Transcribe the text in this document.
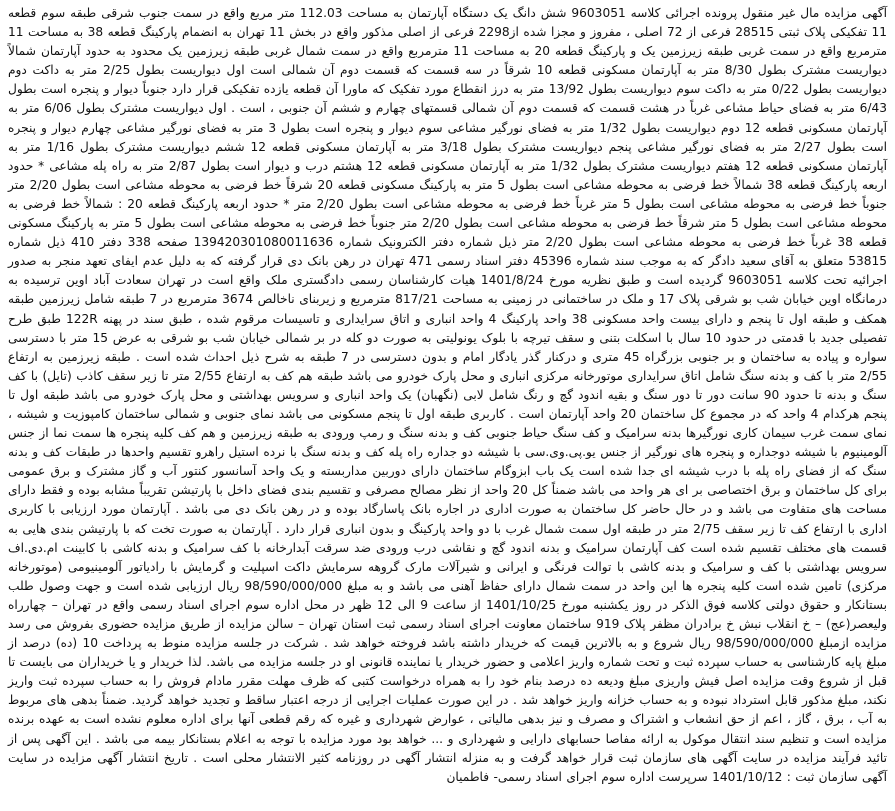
آگهی مزایده مال غیر منقول پرونده اجرائی کلاسه 9603051 شش دانگ یک دستگاه آپارتمان به مساحت 112.03 متر مربع واقع در سمت جنوب شرقی طبقه سوم قطعه 11 تفکیکی پلاک ثبتی 28515 فرعی از 72 اصلی ، مفروز و مجزا شده از2298 فرعی از اصلی مذکور واقع در بخش 11 تهران به انضمام پارکینگ قطعه 38 به مساحت 11 مترمربع واقع در سمت غربی طبقه زیرزمین یک و پارکینگ قطعه 20 به مساحت 11 مترمربع واقع در سمت شمال غربی طبقه زیرزمین یک محدود به حدود آپارتمان شمالاً دیواریست مشترک بطول 8/30 متر به آپارتمان مسکونی قطعه 10 شرقاً در سه قسمت که قسمت دوم آن شمالی است اول دیواریست بطول 2/25 متر به داکت دوم دیواریست بطول 0/22 متر به داکت سوم دیواریست بطول 13/92 متر به درز انقطاع مورد تفکیک که ماورا آن قطعه یازده تفکیکی قرار دارد جنوباً دیوار و پنجره است بطول 6/43 متر به فضای حیاط مشاعی غرباً در هشت قسمت که قسمت دوم آن شمالی قسمتهای چهارم و ششم آن جنوبی ، است . اول دیواریست مشترک بطول 6/06 متر به آپارتمان مسکونی قطعه 12 دوم دیواریست بطول 1/32 متر به فضای نورگیر مشاعی سوم دیوار و پنجره است بطول 3 متر به فضای نورگیر مشاعی چهارم دیوار و پنجره است بطول 2/27 متر به فضای نورگیر مشاعی پنجم دیواریست مشترک بطول 3/18 متر به آپارتمان مسکونی قطعه 12 ششم دیواریست مشترک بطول 1/16 متر به آپارتمان مسکونی قطعه 12 هفتم دیواریست مشترک بطول 1/32 متر به آپارتمان مسکونی قطعه 12 هشتم درب و دیوار است بطول 2/87 متر به راه پله مشاعی * حدود اربعه پارکینگ قطعه 38 شمالاً خط فرضی به محوطه مشاعی است بطول 5 متر به پارکینگ مسکونی قطعه 20 شرقاً خط فرضی به محوطه مشاعی است بطول 2/20 متر جنوباً خط فرضی به محوطه مشاعی است بطول 5 متر غرباً خط فرضی به محوطه مشاعی است بطول 2/20 متر * حدود اربعه پارکینگ قطعه 20 : شمالاً خط فرضی به محوطه مشاعی است بطول 5 متر شرقاً خط فرضی به محوطه مشاعی است بطول 2/20 متر جنوباً خط فرضی به محوطه مشاعی است بطول 5 متر به پارکینگ مسکونی قطعه 38 غرباً خط فرضی به محوطه مشاعی است بطول 2/20 متر ذیل شماره دفتر الکترونیک شماره 139420301080011636 صفحه 338 دفتر 410 ذیل شماره 53815 متعلق به آقای سعید دادگر که به موجب سند شماره 45396 دفتر اسناد رسمی 471 تهران در رهن بانک دی قرار گرفته که به دلیل عدم ایفای تعهد منجر به صدور اجرائیه تحت کلاسه 9603051 گردیده است و طبق نظریه مورخ 1401/8/24 هیات کارشناسان رسمی دادگستری ملک واقع است در تهران سعادت آباد اوین ترسیده به درمانگاه اوین خیابان شب بو شرقی پلاک 17 و ملک در ساختمانی در زمینی به مساحت 817/21 مترمربع و زیربنای ناخالص 3674 مترمربع در 7 طبقه شامل زیرزمین طبقه همکف و طبقه اول تا پنجم و دارای بیست واحد مسکونی 38 واحد پارکینگ 4 واحد انباری و اتاق سرایداری و تاسیسات مرقوم شده ، طبق سند در پهنه 122R طبق طرح تفصیلی جدید با قدمتی در حدود 10 سال با اسکلت بتنی و سقف تیرچه با بلوک یونولیتی به صورت دو کله در بر شمالی خیابان شب بو شرقی به عرض 15 متر با دسترسی سواره و پیاده به ساختمان و بر جنوبی بزرگراه 45 متری و درکنار گذر یادگار امام و بدون دسترسی در 7 طبقه به شرح ذیل احداث شده است . طبقه زیرزمین به ارتفاع 2/55 متر با کف و بدنه سنگ شامل اتاق سرایداری موتورخانه مرکزی انباری و محل پارک خودرو می باشد طبقه هم کف به ارتفاع 2/55 متر تا زیر سقف کاذب (تایل) با کف سنگ و بدنه تا حدود 90 سانت دور تا دور سنگ و بقیه اندود گچ و رنگ شامل لابی (نگهبان) یک واحد انباری و سرویس بهداشتی و محل پارک خودرو می باشد طبقه اول تا پنجم هرکدام 4 واحد که در مجموع کل ساختمان 20 واحد آپارتمان است . کاربری طبقه اول تا پنجم مسکونی می باشد نمای جنوبی و شمالی ساختمان کامپوزیت و شیشه ، نمای سمت غرب سیمان کاری نورگیرها بدنه سرامیک و کف سنگ حیاط جنوبی کف و بدنه سنگ و رمپ ورودی به طبقه زیرزمین و هم کف کلیه پنجره ها سمت نما از جنس آلومینیوم با شیشه دوجداره و پنجره های نورگیر از جنس یو.پی.وی.سی با شیشه دو جداره راه پله کف و بدنه سنگ با نرده استیل راهرو تقسیم واحدها در طبقات کف و بدنه سنگ که از فضای راه پله با درب شیشه ای جدا شده است یک باب ابزوگام ساختمان دارای دوربین مداربسته و یک واحد آسانسور کنتور آب و گاز مشترک و برق عمومی برای کل ساختمان و برق اختصاصی بر ای هر واحد می باشد ضمناً کل 20 واحد از نظر مصالح مصرفی و تقسیم بندی فضای داخل با پارتیشن تقریباً مشابه بوده و فقط دارای مساحت های متفاوت می باشد و در حال حاضر کل ساختمان به صورت اداری در اجاره بانک پاسارگاد بوده و در رهن بانک دی می باشد . آپارتمان مورد ارزیابی با کاربری اداری با ارتفاع کف تا زیر سقف 2/75 متر در طبقه اول سمت شمال غرب با دو واحد پارکینگ و بدون انباری قرار دارد . آپارتمان به صورت تخت که با پارتیشن بندی هایی به قسمت های مختلف تقسیم شده است کف آپارتمان سرامیک و بدنه اندود گچ و نقاشی درب ورودی ضد سرقت آبدارخانه با کف سرامیک و بدنه کاشی با کابینت ام.دی.اف سرویس بهداشتی با کف و سرامیک و بدنه کاشی با توالت فرنگی و ایرانی و شیرآلات مارک گروهه سرمایش داکت اسپلیت و گرمایش با رادیاتور آلومینیومی (موتورخانه مرکزی) تامین شده است کلیه پنجره ها این واحد در سمت شمال دارای حفاظ آهنی می باشد و به مبلغ 98/590/000/000 ریال ارزیابی شده است و جهت وصول طلب بستانکار و حقوق دولتی کلاسه فوق الذکر در روز یکشنبه مورخ 1401/10/25 از ساعت 9 الی 12 ظهر در محل اداره سوم اجرای اسناد رسمی واقع در تهران – چهارراه ولیعصر(عج) – خ انقلاب نبش خ برادران مظفر پلاک 919 ساختمان معاونت اجرای اسناد رسمی ثبت استان تهران – سالن مزایده از طریق مزایده حضوری بفروش می رسد مزایده ازمبلغ 98/590/000/000 ریال شروع و به بالاترین قیمت که خریدار داشته باشد فروخته خواهد شد . شرکت در جلسه مزایده منوط به پرداخت 10 (ده) درصد از مبلغ پایه کارشناسی به حساب سپرده ثبت و تحت شماره واریز اعلامی و حضور خریدار یا نماینده قانونی او در جلسه مزایده می باشد. لذا خریدار و یا خریداران می بایست تا قبل از شروع وقت مزایده اصل فیش واریزی مبلغ ودیعه ده درصد بنام خود را به همراه درخواست کتبی که ظرف مهلت مقرر مادام فروش را به حساب سپرده ثبت واریز نکند، مبلغ مذکور قابل استرداد نبوده و به حساب خزانه واریز خواهد شد . در این صورت عملیات اجرایی از درجه اعتبار ساقط و تجدید خواهد گردید. ضمناً بدهی های مربوط به آب ، برق ، گاز ، اعم از حق انشعاب و اشتراک و مصرف و نیز بدهی مالیاتی ، عوارض شهرداری و غیره که رقم قطعی آنها برای اداره معلوم نشده است به عهده برنده مزایده است و تنظیم سند انتقال موکول به ارائه مفاصا حسابهای دارایی و شهرداری و ... خواهد بود مورد مزایده با توجه به اعلام بستانکار بیمه می باشد . این آگهی پس از تائید فرآیند مزایده در سایت آگهی های سازمان ثبت قرار خواهد گرفت و به منزله انتشار آگهی در روزنامه کثیر الانتشار محلی است . تاریخ انتشار آگهی مزایده در سایت آگهی سازمان ثبت : 1401/10/12 سرپرست اداره سوم اجرای اسناد رسمی- فاطمیان
